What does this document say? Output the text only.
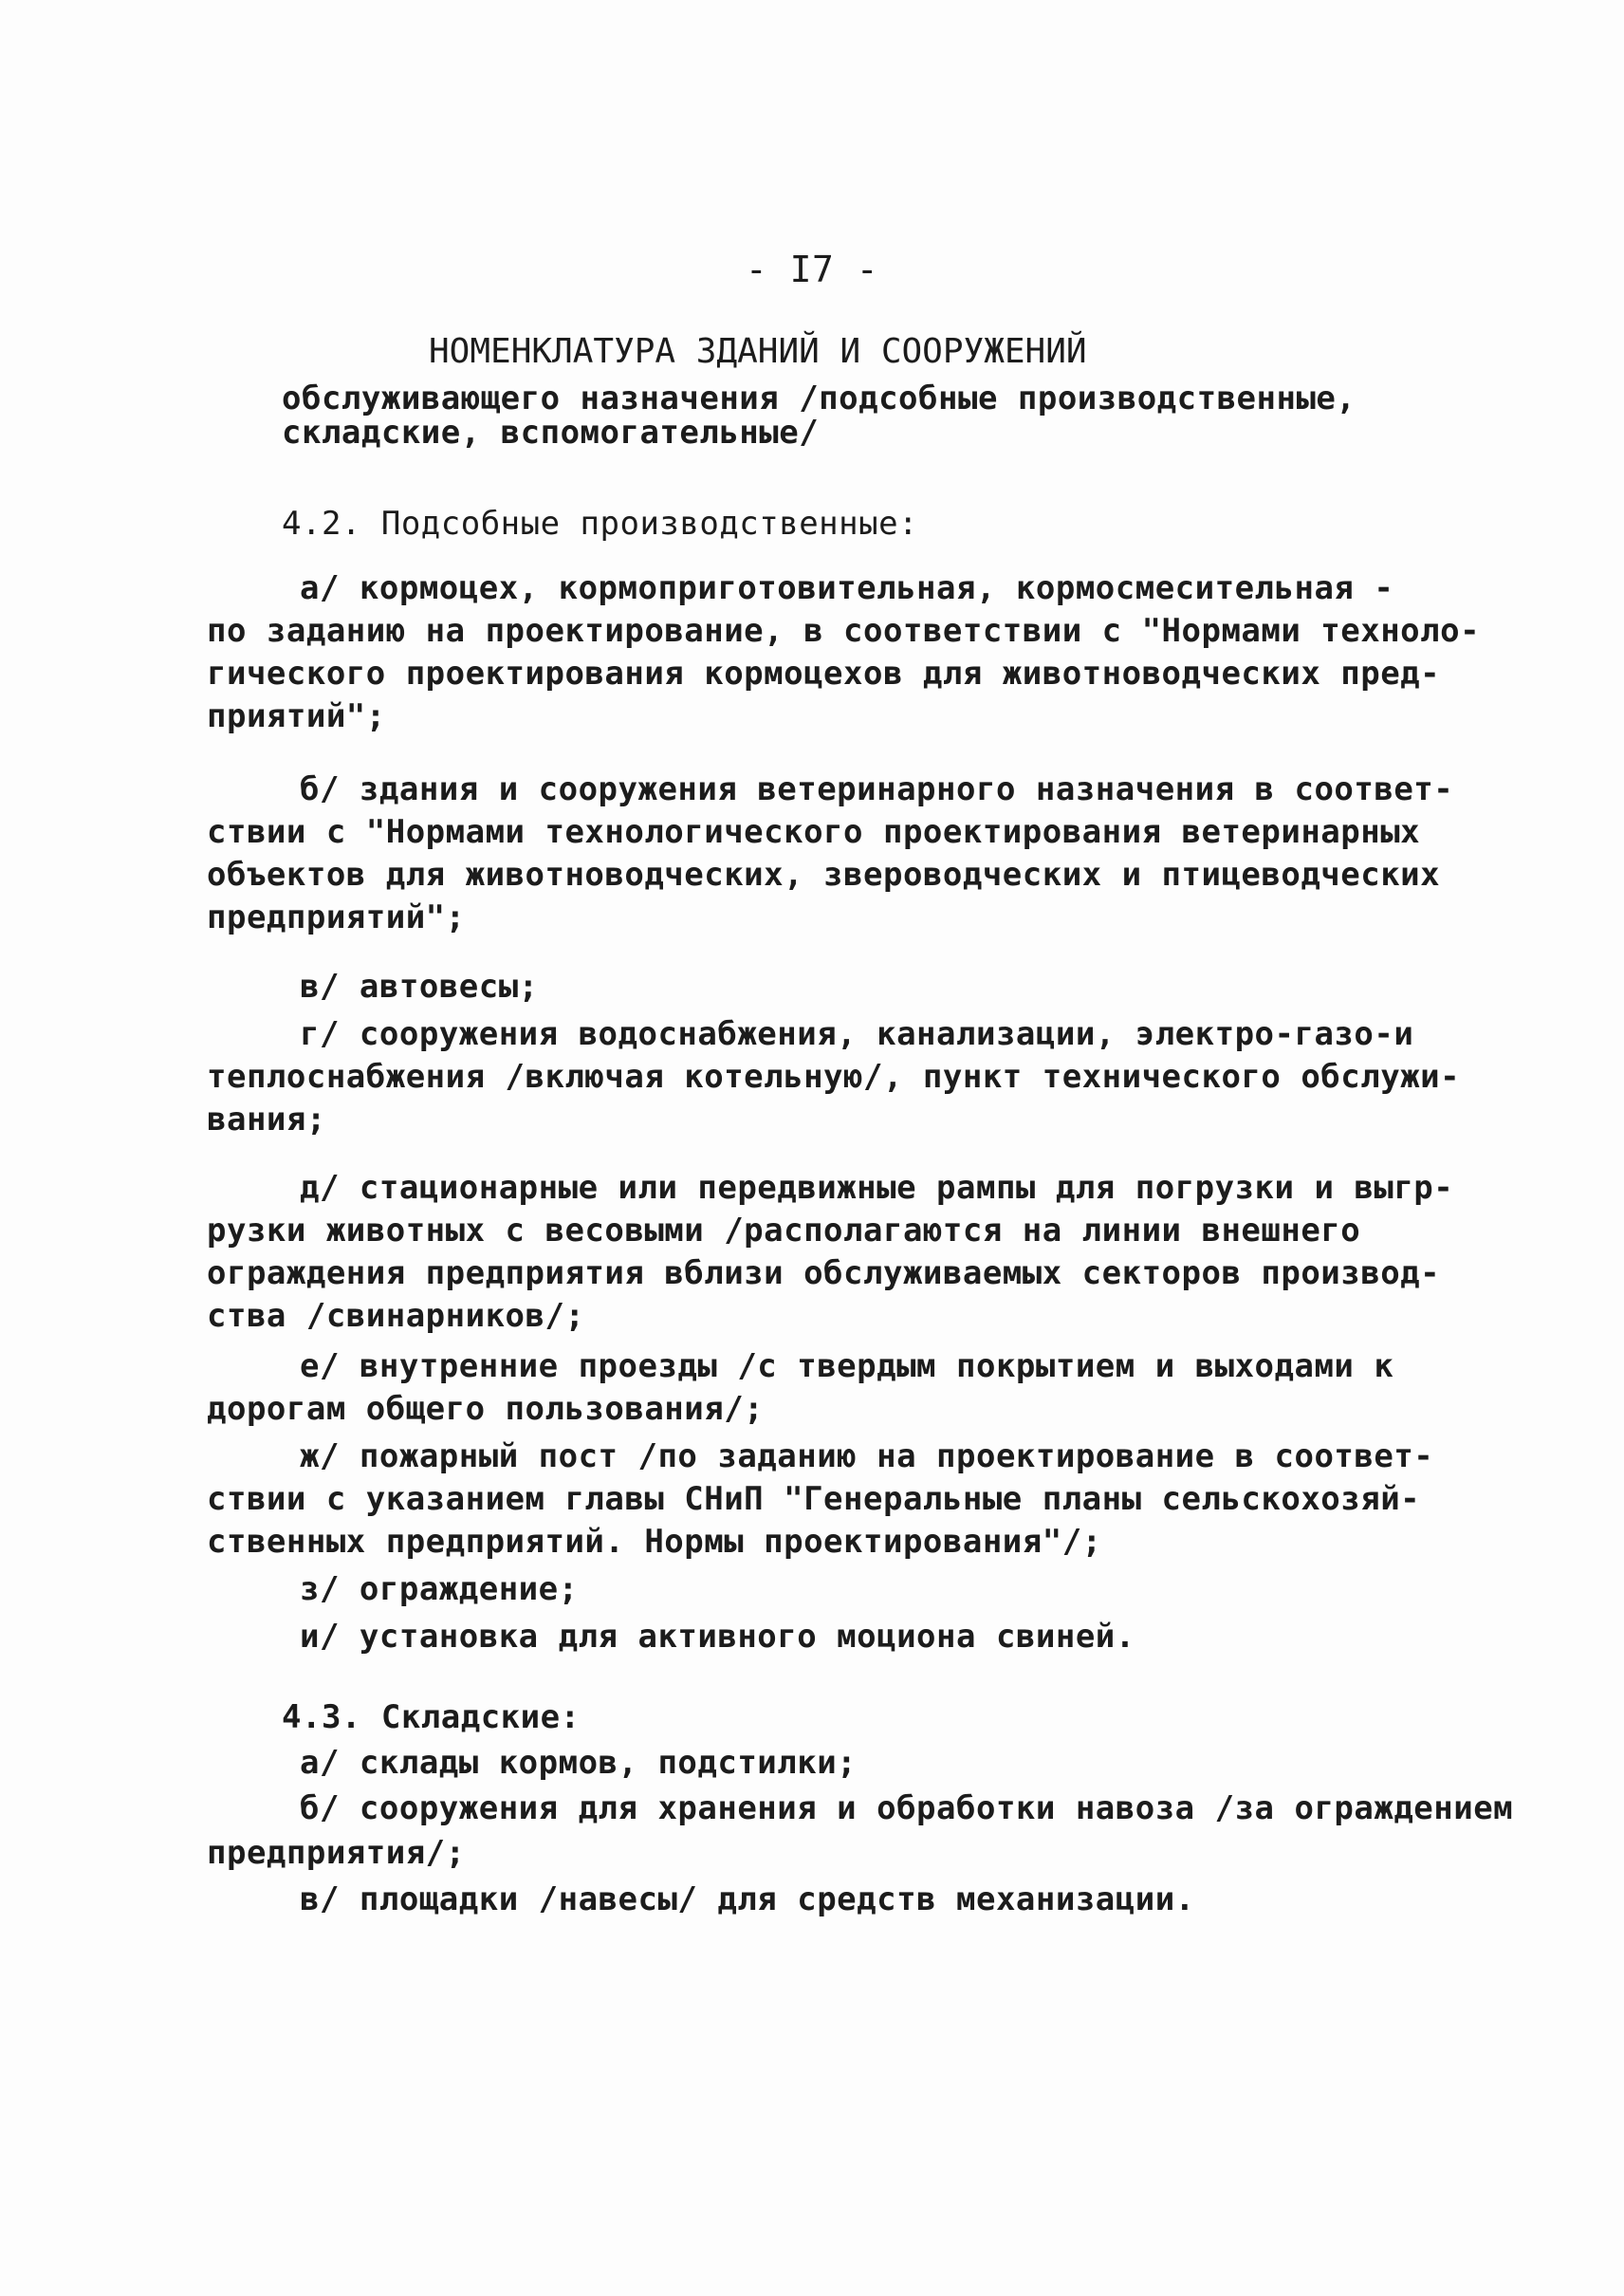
- I7 -
НОМЕНКЛАТУРА ЗДАНИЙ И СООРУЖЕНИЙ
обслуживающего назначения /подсобные производственные,
складские, вспомогательные/
4.2. Подсобные производственные:
а/ кормоцех, кормоприготовительная, кормосмесительная -
по заданию на проектирование, в соответствии с "Нормами техноло-
гического проектирования кормоцехов для животноводческих пред-
приятий";
б/ здания и сооружения ветеринарного назначения в соответ-
ствии с "Нормами технологического проектирования ветеринарных
объектов для животноводческих, звероводческих и птицеводческих
предприятий";
в/ автовесы;
г/ сооружения водоснабжения, канализации, электро-газо-и
теплоснабжения /включая котельную/, пункт технического обслужи-
вания;
д/ стационарные или передвижные рампы для погрузки и выгр-
рузки животных с весовыми /располагаются на линии внешнего
ограждения предприятия вблизи обслуживаемых секторов производ-
ства /свинарников/;
е/ внутренние проезды /с твердым покрытием и выходами к
дорогам общего пользования/;
ж/ пожарный пост /по заданию на проектирование в соответ-
ствии с указанием главы СНиП "Генеральные планы сельскохозяй-
ственных предприятий. Нормы проектирования"/;
з/ ограждение;
и/ установка для активного моциона свиней.
4.3. Складские:
а/ склады кормов, подстилки;
б/ сооружения для хранения и обработки навоза /за ограждением
предприятия/;
в/ площадки /навесы/ для средств механизации.
